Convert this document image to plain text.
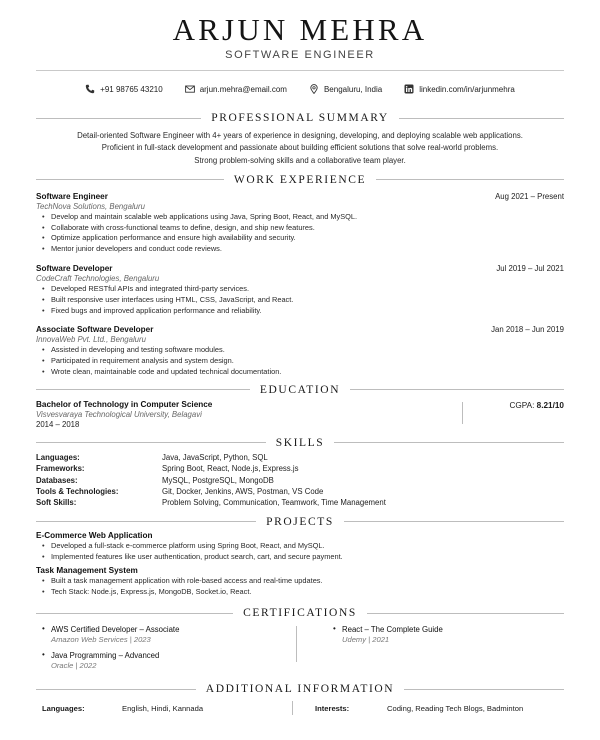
ARJUN MEHRA
SOFTWARE ENGINEER
+91 98765 43210	arjun.mehra@email.com	Bengaluru, India	linkedin.com/in/arjunmehra
PROFESSIONAL SUMMARY
Detail-oriented Software Engineer with 4+ years of experience in designing, developing, and deploying scalable web applications.
Proficient in full-stack development and passionate about building efficient solutions that solve real-world problems.
Strong problem-solving skills and a collaborative team player.
WORK EXPERIENCE
Software Engineer	Aug 2021 – Present
TechNova Solutions, Bengaluru
• Develop and maintain scalable web applications using Java, Spring Boot, React, and MySQL.
• Collaborate with cross-functional teams to define, design, and ship new features.
• Optimize application performance and ensure high availability and security.
• Mentor junior developers and conduct code reviews.
Software Developer	Jul 2019 – Jul 2021
CodeCraft Technologies, Bengaluru
• Developed RESTful APIs and integrated third-party services.
• Built responsive user interfaces using HTML, CSS, JavaScript, and React.
• Fixed bugs and improved application performance and reliability.
Associate Software Developer	Jan 2018 – Jun 2019
InnovaWeb Pvt. Ltd., Bengaluru
• Assisted in developing and testing software modules.
• Participated in requirement analysis and system design.
• Wrote clean, maintainable code and updated technical documentation.
EDUCATION
Bachelor of Technology in Computer Science
Visvesvaraya Technological University, Belagavi
2014 – 2018
CGPA: 8.21/10
SKILLS
Languages:	Java, JavaScript, Python, SQL
Frameworks:	Spring Boot, React, Node.js, Express.js
Databases:	MySQL, PostgreSQL, MongoDB
Tools & Technologies:	Git, Docker, Jenkins, AWS, Postman, VS Code
Soft Skills:	Problem Solving, Communication, Teamwork, Time Management
PROJECTS
E-Commerce Web Application
• Developed a full-stack e-commerce platform using Spring Boot, React, and MySQL.
• Implemented features like user authentication, product search, cart, and secure payment.
Task Management System
• Built a task management application with role-based access and real-time updates.
• Tech Stack: Node.js, Express.js, MongoDB, Socket.io, React.
CERTIFICATIONS
• AWS Certified Developer – Associate
Amazon Web Services | 2023
• Java Programming – Advanced
Oracle | 2022
• React – The Complete Guide
Udemy | 2021
ADDITIONAL INFORMATION
Languages:	English, Hindi, Kannada	Interests:	Coding, Reading Tech Blogs, Badminton
